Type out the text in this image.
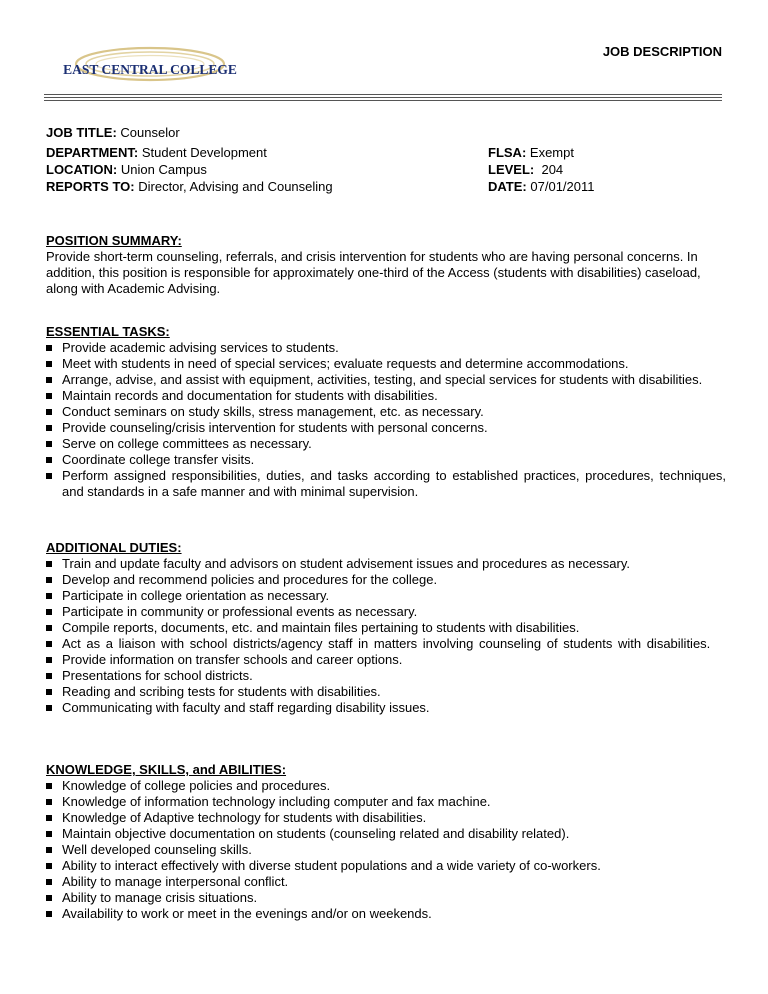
EAST CENTRAL COLLEGE
JOB DESCRIPTION
JOB TITLE: Counselor
DEPARTMENT: Student Development	FLSA: Exempt
LOCATION: Union Campus	LEVEL: 204
REPORTS TO: Director, Advising and Counseling	DATE: 07/01/2011
POSITION SUMMARY:

Provide short-term counseling, referrals, and crisis intervention for students who are having personal concerns. In addition, this position is responsible for approximately one-third of the Access (students with disabilities) caseload, along with Academic Advising.

ESSENTIAL TASKS:
Provide academic advising services to students.
Meet with students in need of special services; evaluate requests and determine accommodations.
Arrange, advise, and assist with equipment, activities, testing, and special services for students with disabilities.
Maintain records and documentation for students with disabilities.
Conduct seminars on study skills, stress management, etc. as necessary.
Provide counseling/crisis intervention for students with personal concerns.
Serve on college committees as necessary.
Coordinate college transfer visits.
Perform assigned responsibilities, duties, and tasks according to established practices, procedures, techniques, and standards in a safe manner and with minimal supervision.
ADDITIONAL DUTIES:
Train and update faculty and advisors on student advisement issues and procedures as necessary.
Develop and recommend policies and procedures for the college.
Participate in college orientation as necessary.
Participate in community or professional events as necessary.
Compile reports, documents, etc. and maintain files pertaining to students with disabilities.
Act as a liaison with school districts/agency staff in matters involving counseling of students with disabilities.
Provide information on transfer schools and career options.
Presentations for school districts.
Reading and scribing tests for students with disabilities.
Communicating with faculty and staff regarding disability issues.
KNOWLEDGE, SKILLS, and ABILITIES:
Knowledge of college policies and procedures.
Knowledge of information technology including computer and fax machine.
Knowledge of Adaptive technology for students with disabilities.
Maintain objective documentation on students (counseling related and disability related).
Well developed counseling skills.
Ability to interact effectively with diverse student populations and a wide variety of co-workers.
Ability to manage interpersonal conflict.
Ability to manage crisis situations.
Availability to work or meet in the evenings and/or on weekends.
